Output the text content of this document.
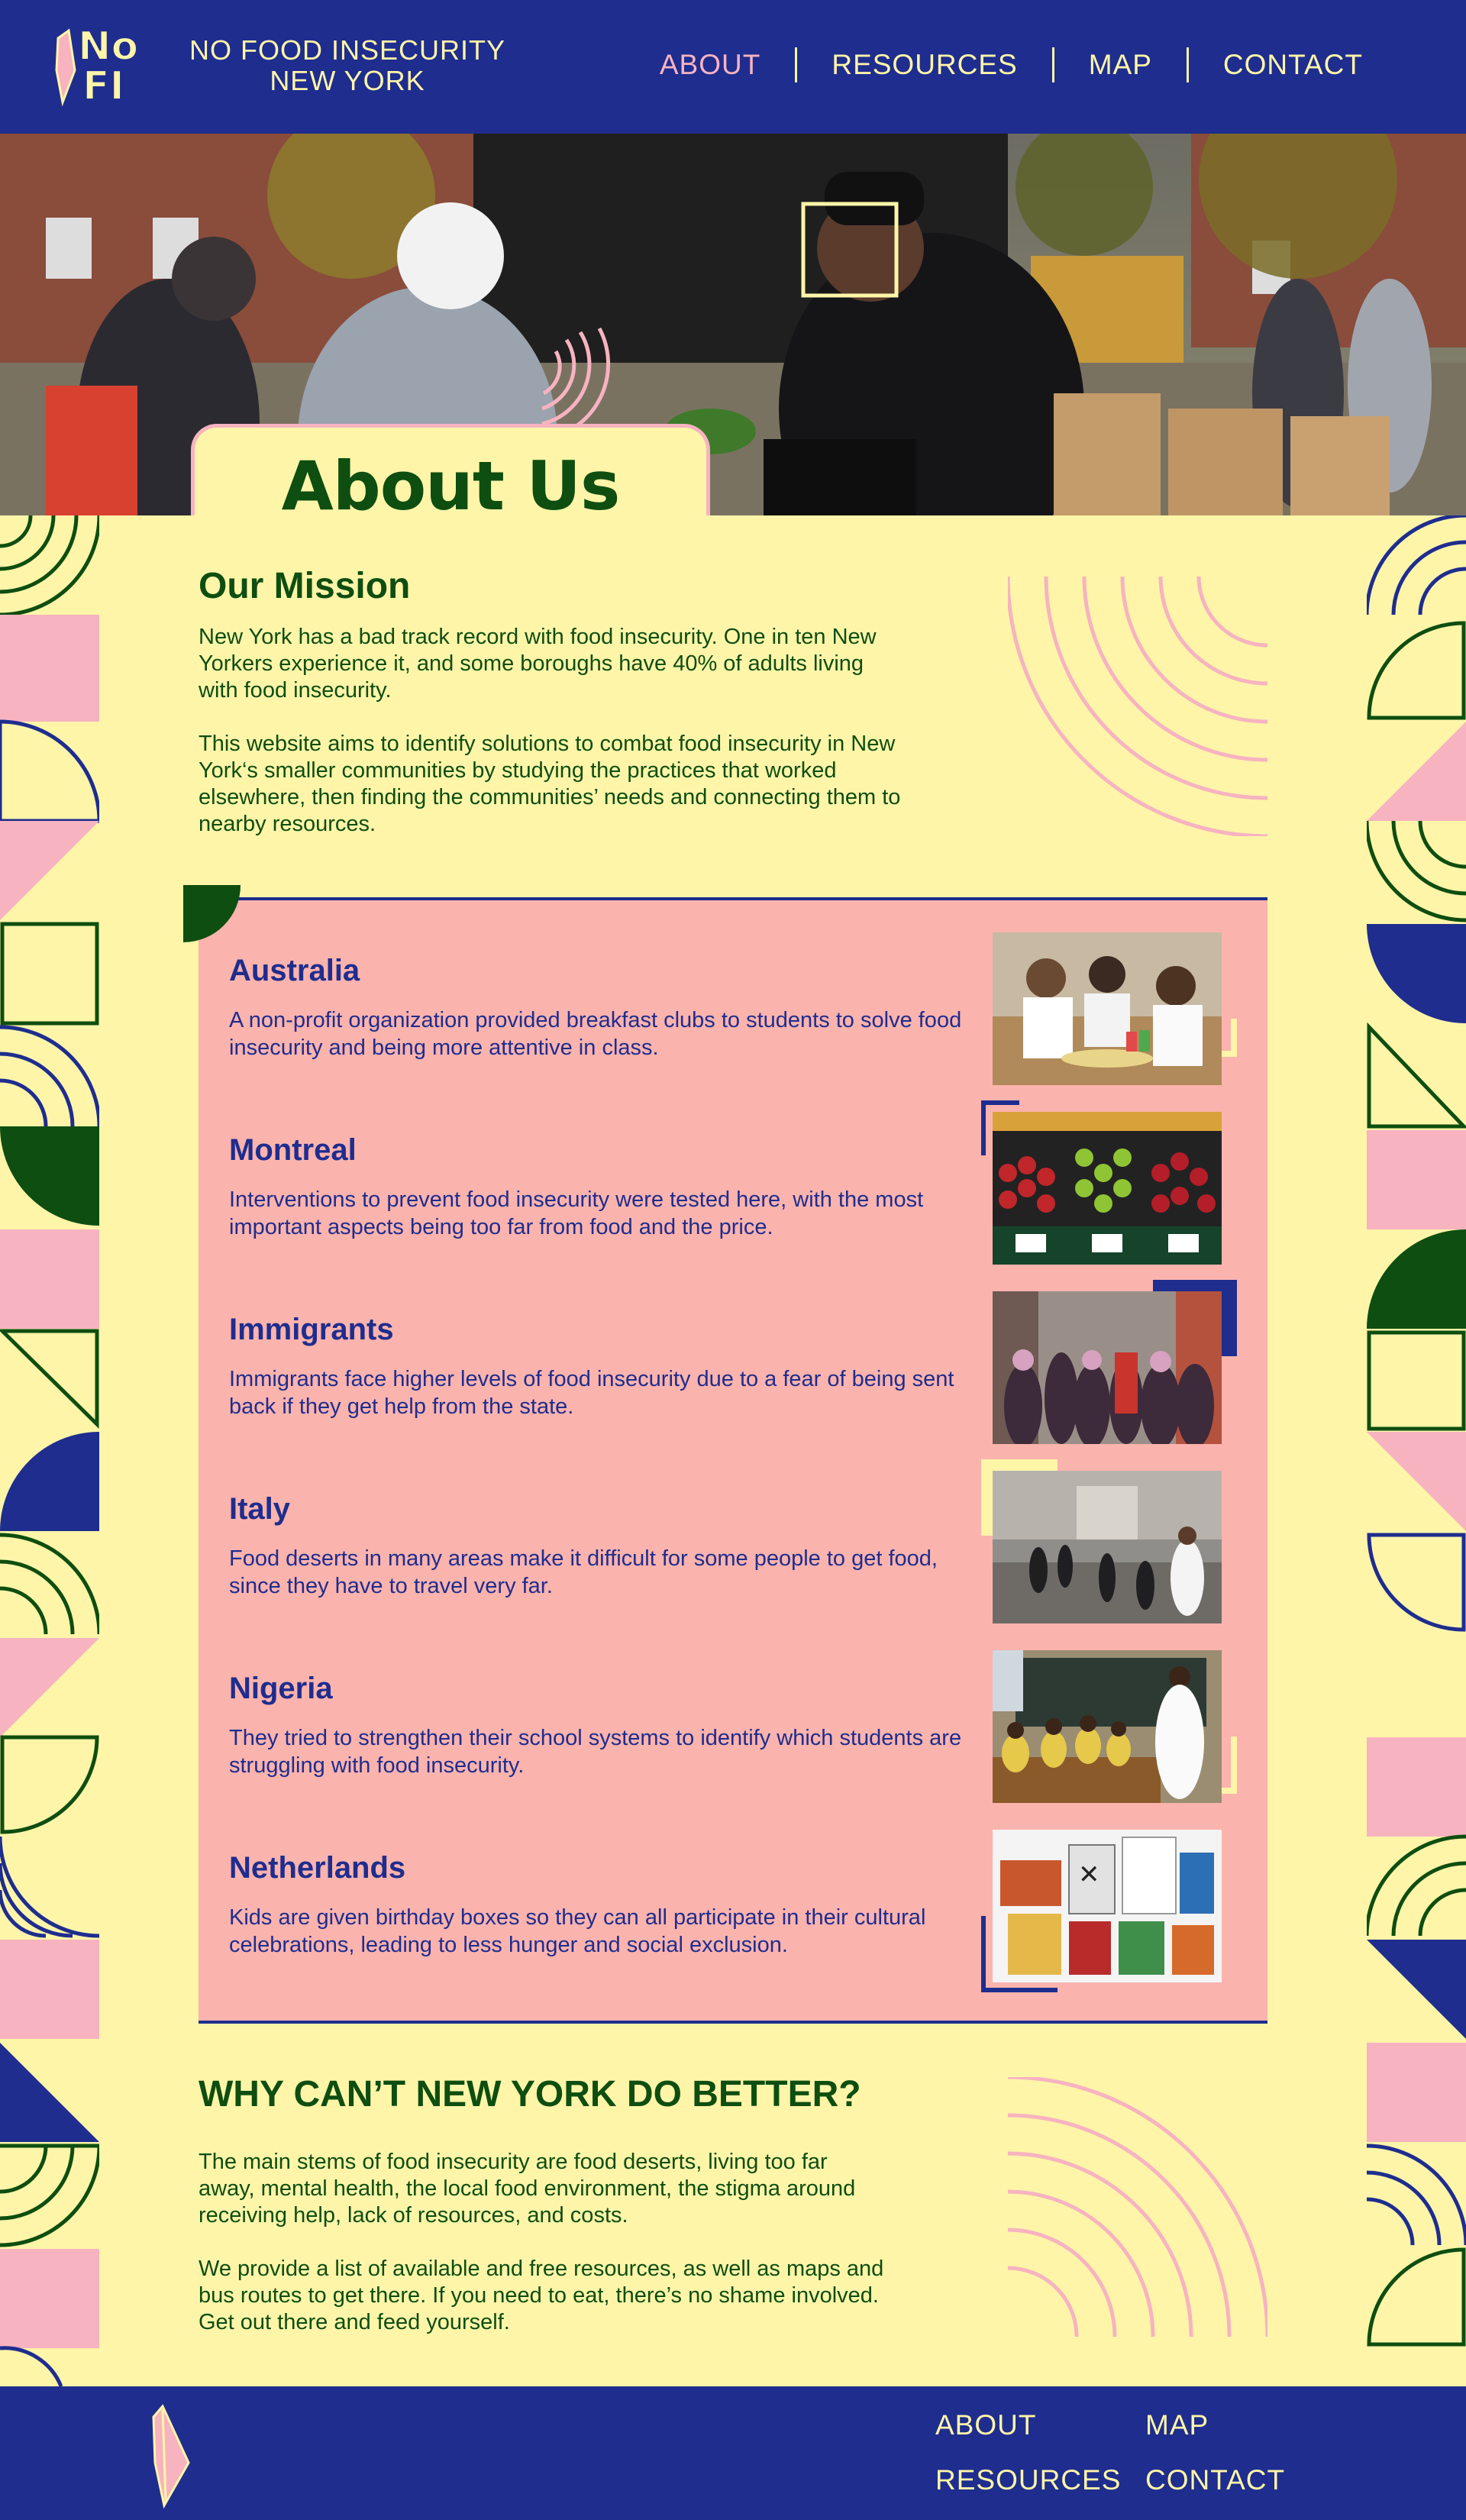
No
FI
NO FOOD INSECURITY
NEW YORK
ABOUT	RESOURCES	MAP	CONTACT
About Us
Our Mission

New York has a bad track record with food insecurity. One in ten New Yorkers experience it, and some boroughs have 40% of adults living with food insecurity.

This website aims to identify solutions to combat food insecurity in New York‘s smaller communities by studying the practices that worked elsewhere, then finding the communities’ needs and connecting them to nearby resources.

Australia

A non-profit organization provided breakfast clubs to students to solve food insecurity and being more attentive in class.

Montreal

Interventions to prevent food insecurity were tested here, with the most important aspects being too far from food and the price.

Immigrants

Immigrants face higher levels of food insecurity due to a fear of being sent back if they get help from the state.

Italy

Food deserts in many areas make it difficult for some people to get food, since they have to travel very far.

Nigeria

They tried to strengthen their school systems to identify which students are struggling with food insecurity.

Netherlands

Kids are given birthday boxes so they can all participate in their cultural celebrations, leading to less hunger and social exclusion.

✕
WHY CAN’T NEW YORK DO BETTER?

The main stems of food insecurity are food deserts, living too far away, mental health, the local food environment, the stigma around receiving help, lack of resources, and costs.

We provide a list of available and free resources, as well as maps and bus routes to get there. If you need to eat, there’s no shame involved. Get out there and feed yourself.

ABOUT	MAP
RESOURCES CONTACT
